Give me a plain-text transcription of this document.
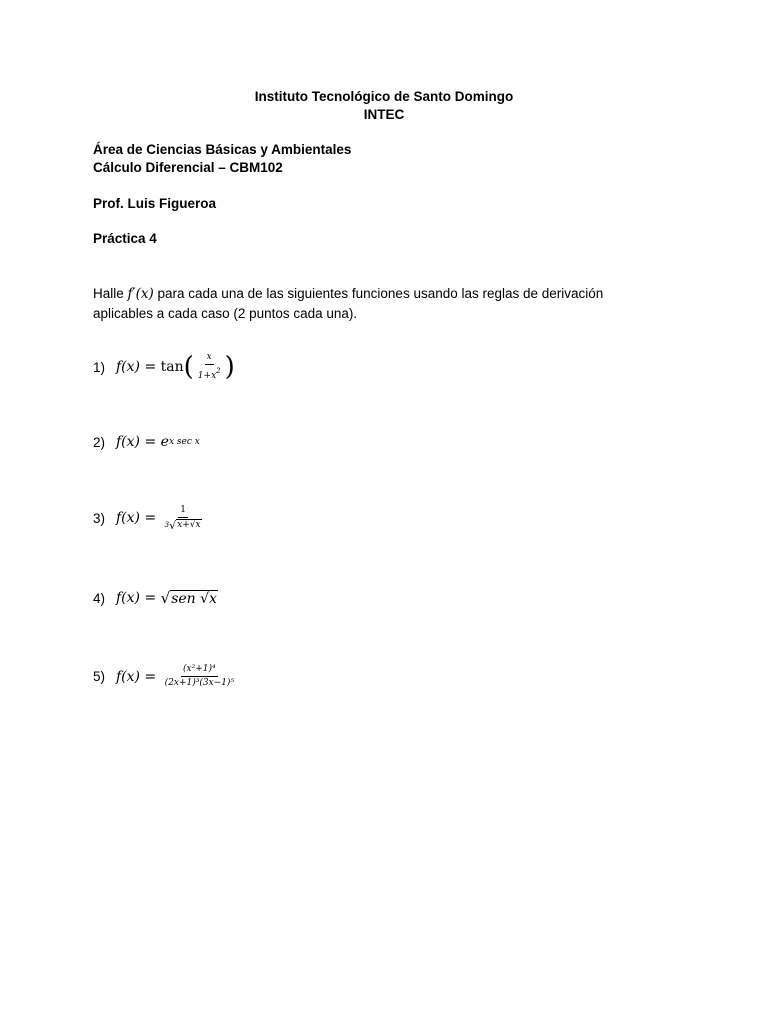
Instituto Tecnológico de Santo Domingo
INTEC
Área de Ciencias Básicas y Ambientales
Cálculo Diferencial – CBM102
Prof. Luis Figueroa
Práctica 4
Halle f′(x) para cada una de las siguientes funciones usando las reglas de derivación
aplicables a cada caso (2 puntos cada una).
1) f(x) =
tan ( $\frac{x}{1+x^2}$ )
2) f(x) =
e x sec x
3) f(x) =
$\frac{1}{3 √ x+√x}$
4) f(x) =
√ sen √x
5) f(x) =
$\frac{\text{(x²+1)⁴}}{\text{(2x+1)³(3x−1)⁵}}$
